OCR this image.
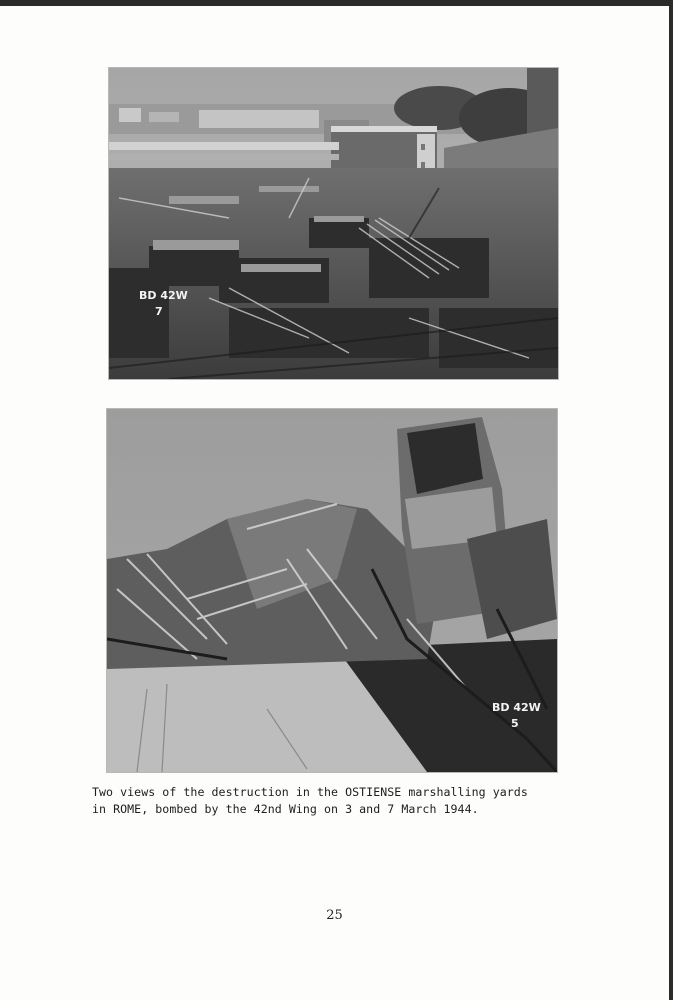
BD 42W
7
BD 42W
5

Two views of the destruction in the OSTIENSE marshalling yards
in ROME, bombed by the 42nd Wing on 3 and 7 March 1944.

25
